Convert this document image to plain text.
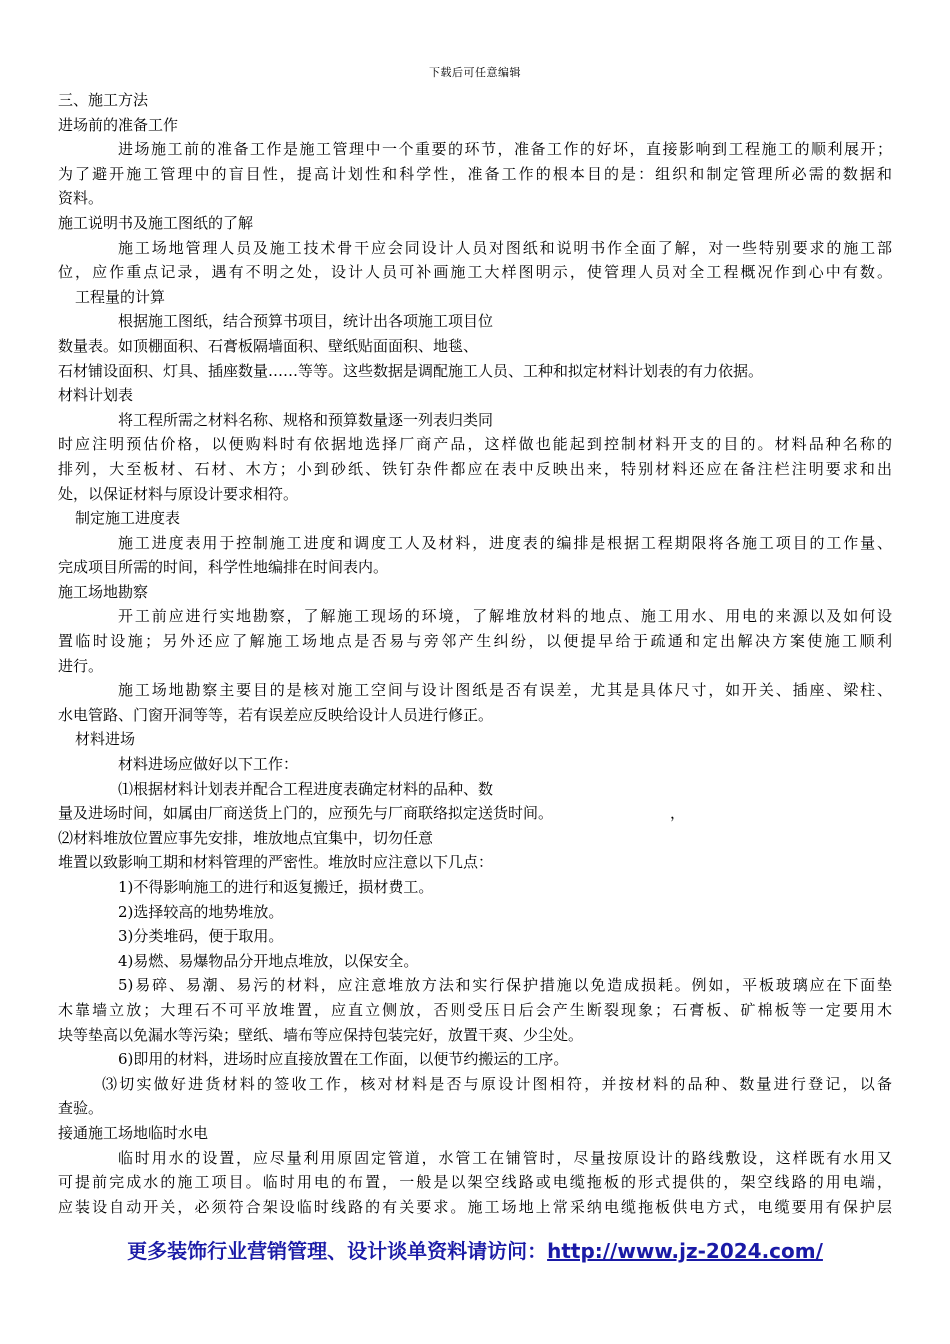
下载后可任意编辑
三、施工方法
进场前的准备工作
进场施工前的准备工作是施工管理中一个重要的环节，准备工作的好坏，直接影响到工程施工的顺利展开；
为了避开施工管理中的盲目性，提高计划性和科学性，准备工作的根本目的是：组织和制定管理所必需的数据和
资料。
施工说明书及施工图纸的了解
施工场地管理人员及施工技术骨干应会同设计人员对图纸和说明书作全面了解，对一些特别要求的施工部
位，应作重点记录，遇有不明之处，设计人员可补画施工大样图明示，使管理人员对全工程概况作到心中有数。
工程量的计算
根据施工图纸，结合预算书项目，统计出各项施工项目位
数量表。如顶棚面积、石膏板隔墙面积、壁纸贴面面积、地毯、
石材铺设面积、灯具、插座数量……等等。这些数据是调配施工人员、工种和拟定材料计划表的有力依据。
材料计划表
将工程所需之材料名称、规格和预算数量逐一列表归类同
时应注明预估价格，以便购料时有依据地选择厂商产品，这样做也能起到控制材料开支的目的。材料品种名称的
排列，大至板材、石材、木方；小到砂纸、铁钉杂件都应在表中反映出来，特别材料还应在备注栏注明要求和出
处，以保证材料与原设计要求相符。
制定施工进度表
施工进度表用于控制施工进度和调度工人及材料，进度表的编排是根据工程期限将各施工项目的工作量、
完成项目所需的时间，科学性地编排在时间表内。
施工场地勘察
开工前应进行实地勘察，了解施工现场的环境，了解堆放材料的地点、施工用水、用电的来源以及如何设
置临时设施；另外还应了解施工场地点是否易与旁邻产生纠纷，以便提早给于疏通和定出解决方案使施工顺利
进行。
施工场地勘察主要目的是核对施工空间与设计图纸是否有误差，尤其是具体尺寸，如开关、插座、梁柱、
水电管路、门窗开洞等等，若有误差应反映给设计人员进行修正。
材料进场
材料进场应做好以下工作：
⑴根据材料计划表并配合工程进度表确定材料的品种、数
量及进场时间，如属由厂商送货上门的，应预先与厂商联络拟定送货时间。	，
⑵材料堆放位置应事先安排，堆放地点宜集中，切勿任意
堆置以致影响工期和材料管理的严密性。堆放时应注意以下几点：
1)不得影响施工的进行和返复搬迁，损材费工。
2)选择较高的地势堆放。
3)分类堆码，便于取用。
4)易燃、易爆物品分开地点堆放，以保安全。
5)易碎、易潮、易污的材料，应注意堆放方法和实行保护措施以免造成损耗。例如，平板玻璃应在下面垫
木靠墙立放；大理石不可平放堆置，应直立侧放，否则受压日后会产生断裂现象；石膏板、矿棉板等一定要用木
块等垫高以免漏水等污染；壁纸、墙布等应保持包装完好，放置干爽、少尘处。
6)即用的材料，进场时应直接放置在工作面，以便节约搬运的工序。
⑶切实做好进货材料的签收工作，核对材料是否与原设计图相符，并按材料的品种、数量进行登记，以备
查验。
接通施工场地临时水电
临时用水的设置，应尽量利用原固定管道，水管工在铺管时，尽量按原设计的路线敷设，这样既有水用又
可提前完成水的施工项目。临时用电的布置，一般是以架空线路或电缆拖板的形式提供的，架空线路的用电端，
应装设自动开关，必须符合架设临时线路的有关要求。施工场地上常采纳电缆拖板供电方式，电缆要用有保护层
更多装饰行业营销管理、设计谈单资料请访问：http://www.jz-2024.com/
